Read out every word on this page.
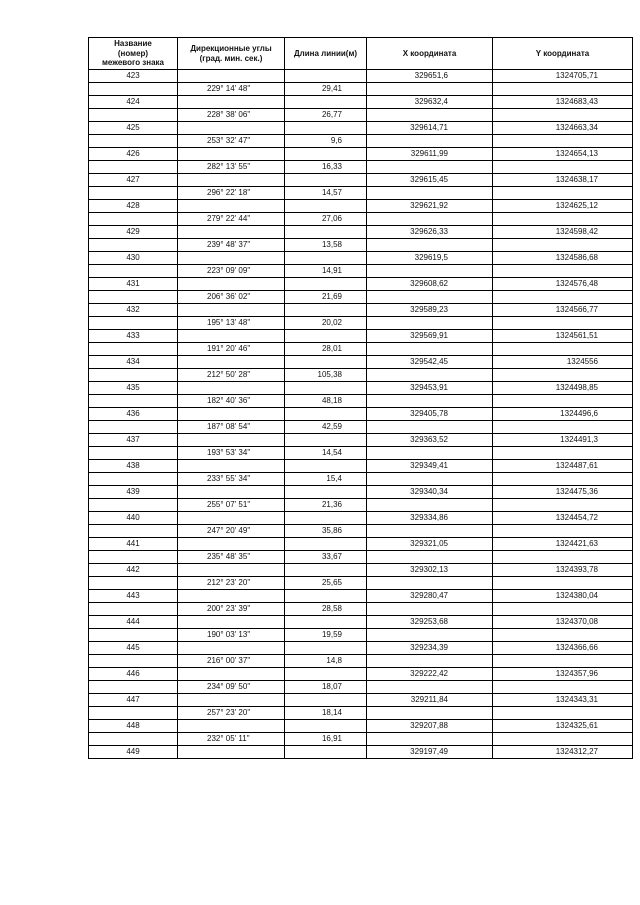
Название
(номер)
межевого знака	Дирекционные углы
(град. мин. сек.)	Длина линии(м)	X координата	Y координата
423			329651,6	1324705,71
	229° 14' 48"	29,41		
424			329632,4	1324683,43
	228° 38' 06"	26,77		
425			329614,71	1324663,34
	253° 32' 47"	9,6		
426			329611,99	1324654,13
	282° 13' 55"	16,33		
427			329615,45	1324638,17
	296° 22' 18"	14,57		
428			329621,92	1324625,12
	279° 22' 44"	27,06		
429			329626,33	1324598,42
	239° 48' 37"	13,58		
430			329619,5	1324586,68
	223° 09' 09"	14,91		
431			329608,62	1324576,48
	206° 36' 02"	21,69		
432			329589,23	1324566,77
	195° 13' 48"	20,02		
433			329569,91	1324561,51
	191° 20' 46"	28,01		
434			329542,45	1324556
	212° 50' 28"	105,38		
435			329453,91	1324498,85
	182° 40' 36"	48,18		
436			329405,78	1324496,6
	187° 08' 54"	42,59		
437			329363,52	1324491,3
	193° 53' 34"	14,54		
438			329349,41	1324487,61
	233° 55' 34"	15,4		
439			329340,34	1324475,36
	255° 07' 51"	21,36		
440			329334,86	1324454,72
	247° 20' 49"	35,86		
441			329321,05	1324421,63
	235° 48' 35"	33,67		
442			329302,13	1324393,78
	212° 23' 20"	25,65		
443			329280,47	1324380,04
	200° 23' 39"	28,58		
444			329253,68	1324370,08
	190° 03' 13"	19,59		
445			329234,39	1324366,66
	216° 00' 37"	14,8		
446			329222,42	1324357,96
	234° 09' 50"	18,07		
447			329211,84	1324343,31
	257° 23' 20"	18,14		
448			329207,88	1324325,61
	232° 05' 11"	16,91		
449			329197,49	1324312,27
